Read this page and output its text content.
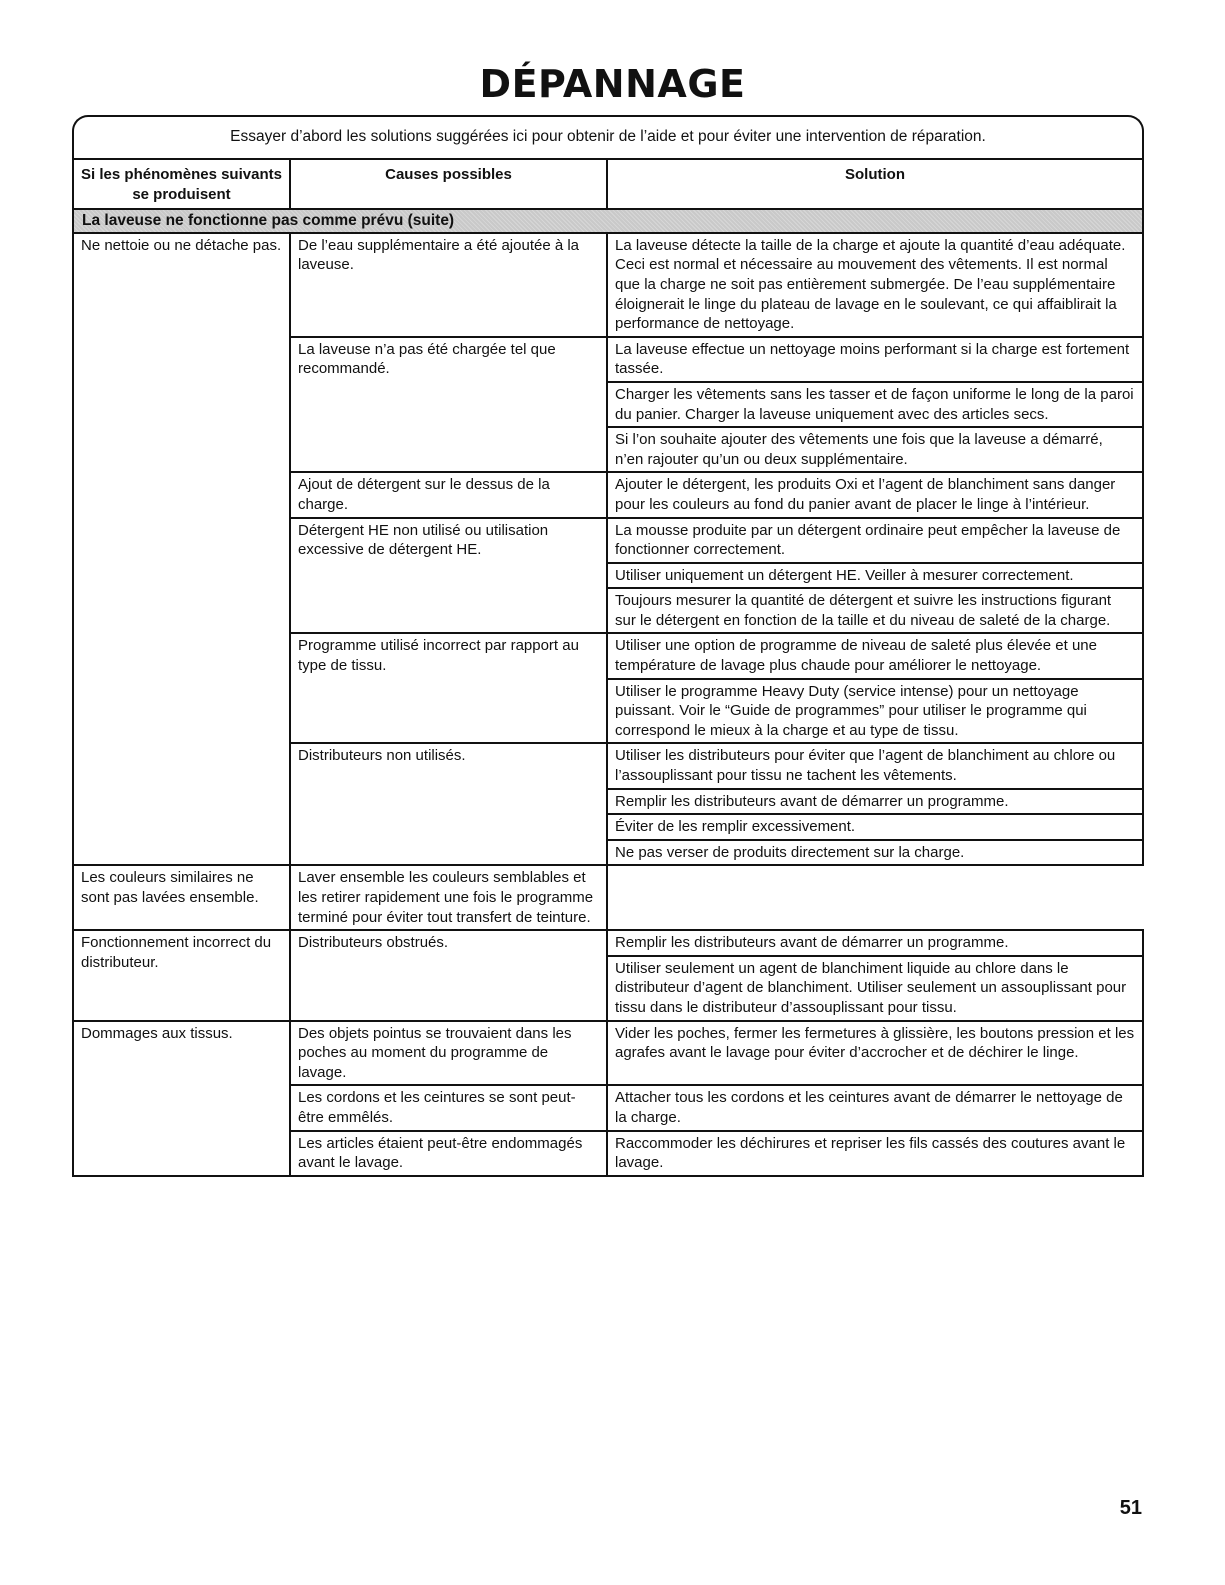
DÉPANNAGE
Essayer d’abord les solutions suggérées ici pour obtenir de l’aide et pour éviter une intervention de réparation.
Si les phénomènes suivants se produisent	Causes possibles	Solution
La laveuse ne fonctionne pas comme prévu (suite)		
Ne nettoie ou ne détache pas.	De l’eau supplémentaire a été ajoutée à la laveuse.	La laveuse détecte la taille de la charge et ajoute la quantité d’eau adéquate. Ceci est normal et nécessaire au mouvement des vêtements. Il est normal que la charge ne soit pas entièrement submergée. De l’eau supplémentaire éloignerait le linge du plateau de lavage en le soulevant, ce qui affaiblirait la performance de nettoyage.
	La laveuse n’a pas été chargée tel que recommandé.	La laveuse effectue un nettoyage moins performant si la charge est fortement tassée.
		Charger les vêtements sans les tasser et de façon uniforme le long de la paroi du panier. Charger la laveuse uniquement avec des articles secs.
		Si l’on souhaite ajouter des vêtements une fois que la laveuse a démarré, n’en rajouter qu’un ou deux supplémentaire.
	Ajout de détergent sur le dessus de la charge.	Ajouter le détergent, les produits Oxi et l’agent de blanchiment sans danger pour les couleurs au fond du panier avant de placer le linge à l’intérieur.
	Détergent HE non utilisé ou utilisation excessive de détergent HE.	La mousse produite par un détergent ordinaire peut empêcher la laveuse de fonctionner correctement.
		Utiliser uniquement un détergent HE. Veiller à mesurer correctement.
		Toujours mesurer la quantité de détergent et suivre les instructions figurant sur le détergent en fonction de la taille et du niveau de saleté de la charge.
	Programme utilisé incorrect par rapport au type de tissu.	Utiliser une option de programme de niveau de saleté plus élevée et une température de lavage plus chaude pour améliorer le nettoyage.
		Utiliser le programme Heavy Duty (service intense) pour un nettoyage puissant. Voir le “Guide de programmes” pour utiliser le programme qui correspond le mieux à la charge et au type de tissu.
	Distributeurs non utilisés.	Utiliser les distributeurs pour éviter que l’agent de blanchiment au chlore ou l’assouplissant pour tissu ne tachent les vêtements.
		Remplir les distributeurs avant de démarrer un programme.
		Éviter de les remplir excessivement.
		Ne pas verser de produits directement sur la charge.
Les couleurs similaires ne sont pas lavées ensemble.	Laver ensemble les couleurs semblables et les retirer rapidement une fois le programme terminé pour éviter tout transfert de teinture.	
Fonctionnement incorrect du distributeur.	Distributeurs obstrués.	Remplir les distributeurs avant de démarrer un programme.
		Utiliser seulement un agent de blanchiment liquide au chlore dans le distributeur d’agent de blanchiment. Utiliser seulement un assouplissant pour tissu dans le distributeur d’assouplissant pour tissu.
Dommages aux tissus.	Des objets pointus se trouvaient dans les poches au moment du programme de lavage.	Vider les poches, fermer les fermetures à glissière, les boutons pression et les agrafes avant le lavage pour éviter d’accrocher et de déchirer le linge.
	Les cordons et les ceintures se sont peut-être emmêlés.	Attacher tous les cordons et les ceintures avant de démarrer le nettoyage de la charge.
	Les articles étaient peut-être endommagés avant le lavage.	Raccommoder les déchirures et repriser les fils cassés des coutures avant le lavage.
51
